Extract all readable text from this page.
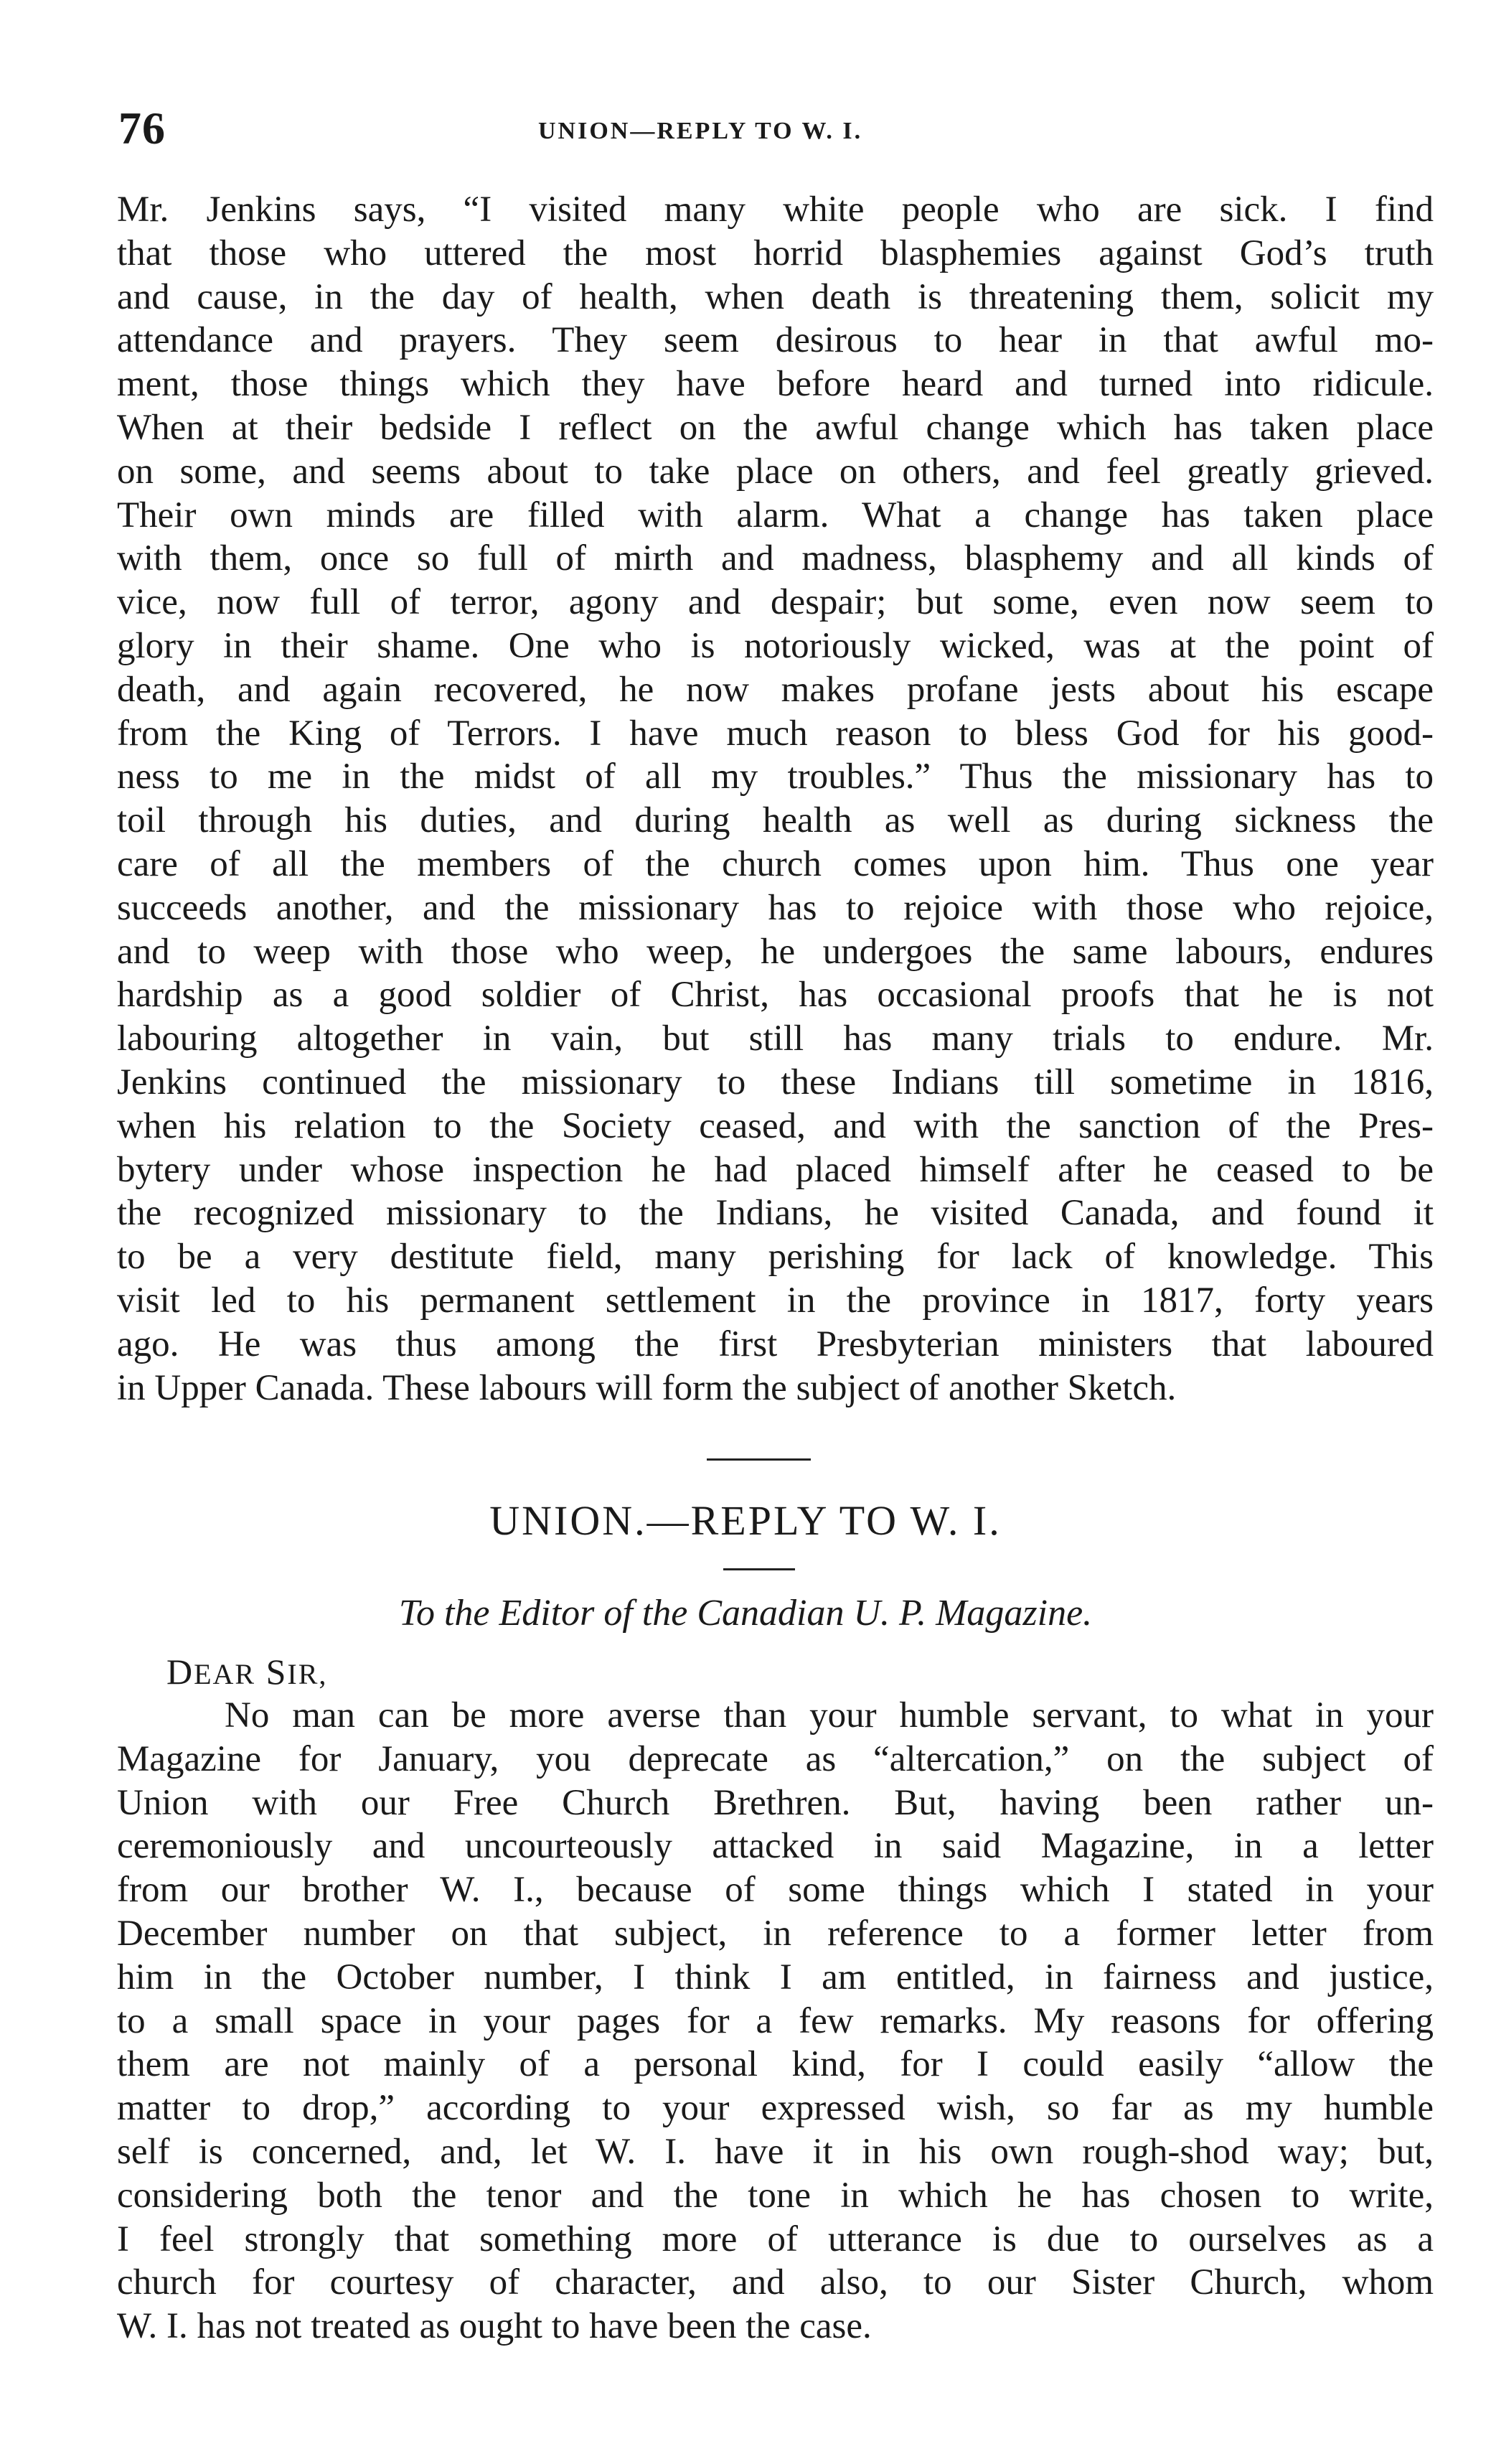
76	UNION—REPLY TO W. I.
Mr. Jenkins says, “I visited many white people who are sick. I find
that those who uttered the most horrid blasphemies against God’s truth
and cause, in the day of health, when death is threatening them, solicit my
attendance and prayers. They seem desirous to hear in that awful mo-
ment, those things which they have before heard and turned into ridicule.
When at their bedside I reflect on the awful change which has taken place
on some, and seems about to take place on others, and feel greatly grieved.
Their own minds are filled with alarm. What a change has taken place
with them, once so full of mirth and madness, blasphemy and all kinds of
vice, now full of terror, agony and despair; but some, even now seem to
glory in their shame. One who is notoriously wicked, was at the point of
death, and again recovered, he now makes profane jests about his escape
from the King of Terrors. I have much reason to bless God for his good-
ness to me in the midst of all my troubles.” Thus the missionary has to
toil through his duties, and during health as well as during sickness the
care of all the members of the church comes upon him. Thus one year
succeeds another, and the missionary has to rejoice with those who rejoice,
and to weep with those who weep, he undergoes the same labours, endures
hardship as a good soldier of Christ, has occasional proofs that he is not
labouring altogether in vain, but still has many trials to endure. Mr.
Jenkins continued the missionary to these Indians till sometime in 1816,
when his relation to the Society ceased, and with the sanction of the Pres-
bytery under whose inspection he had placed himself after he ceased to be
the recognized missionary to the Indians, he visited Canada, and found it
to be a very destitute field, many perishing for lack of knowledge. This
visit led to his permanent settlement in the province in 1817, forty years
ago. He was thus among the first Presbyterian ministers that laboured
in Upper Canada. These labours will form the subject of another Sketch.
UNION.—REPLY TO W. I.
To the Editor of the Canadian U. P. Magazine.
DEAR SIR,
No man can be more averse than your humble servant, to what in your
Magazine for January, you deprecate as “altercation,” on the subject of
Union with our Free Church Brethren. But, having been rather un-
ceremoniously and uncourteously attacked in said Magazine, in a letter
from our brother W. I., because of some things which I stated in your
December number on that subject, in reference to a former letter from
him in the October number, I think I am entitled, in fairness and justice,
to a small space in your pages for a few remarks. My reasons for offering
them are not mainly of a personal kind, for I could easily “allow the
matter to drop,” according to your expressed wish, so far as my humble
self is concerned, and, let W. I. have it in his own rough-shod way; but,
considering both the tenor and the tone in which he has chosen to write,
I feel strongly that something more of utterance is due to ourselves as a
church for courtesy of character, and also, to our Sister Church, whom
W. I. has not treated as ought to have been the case.
